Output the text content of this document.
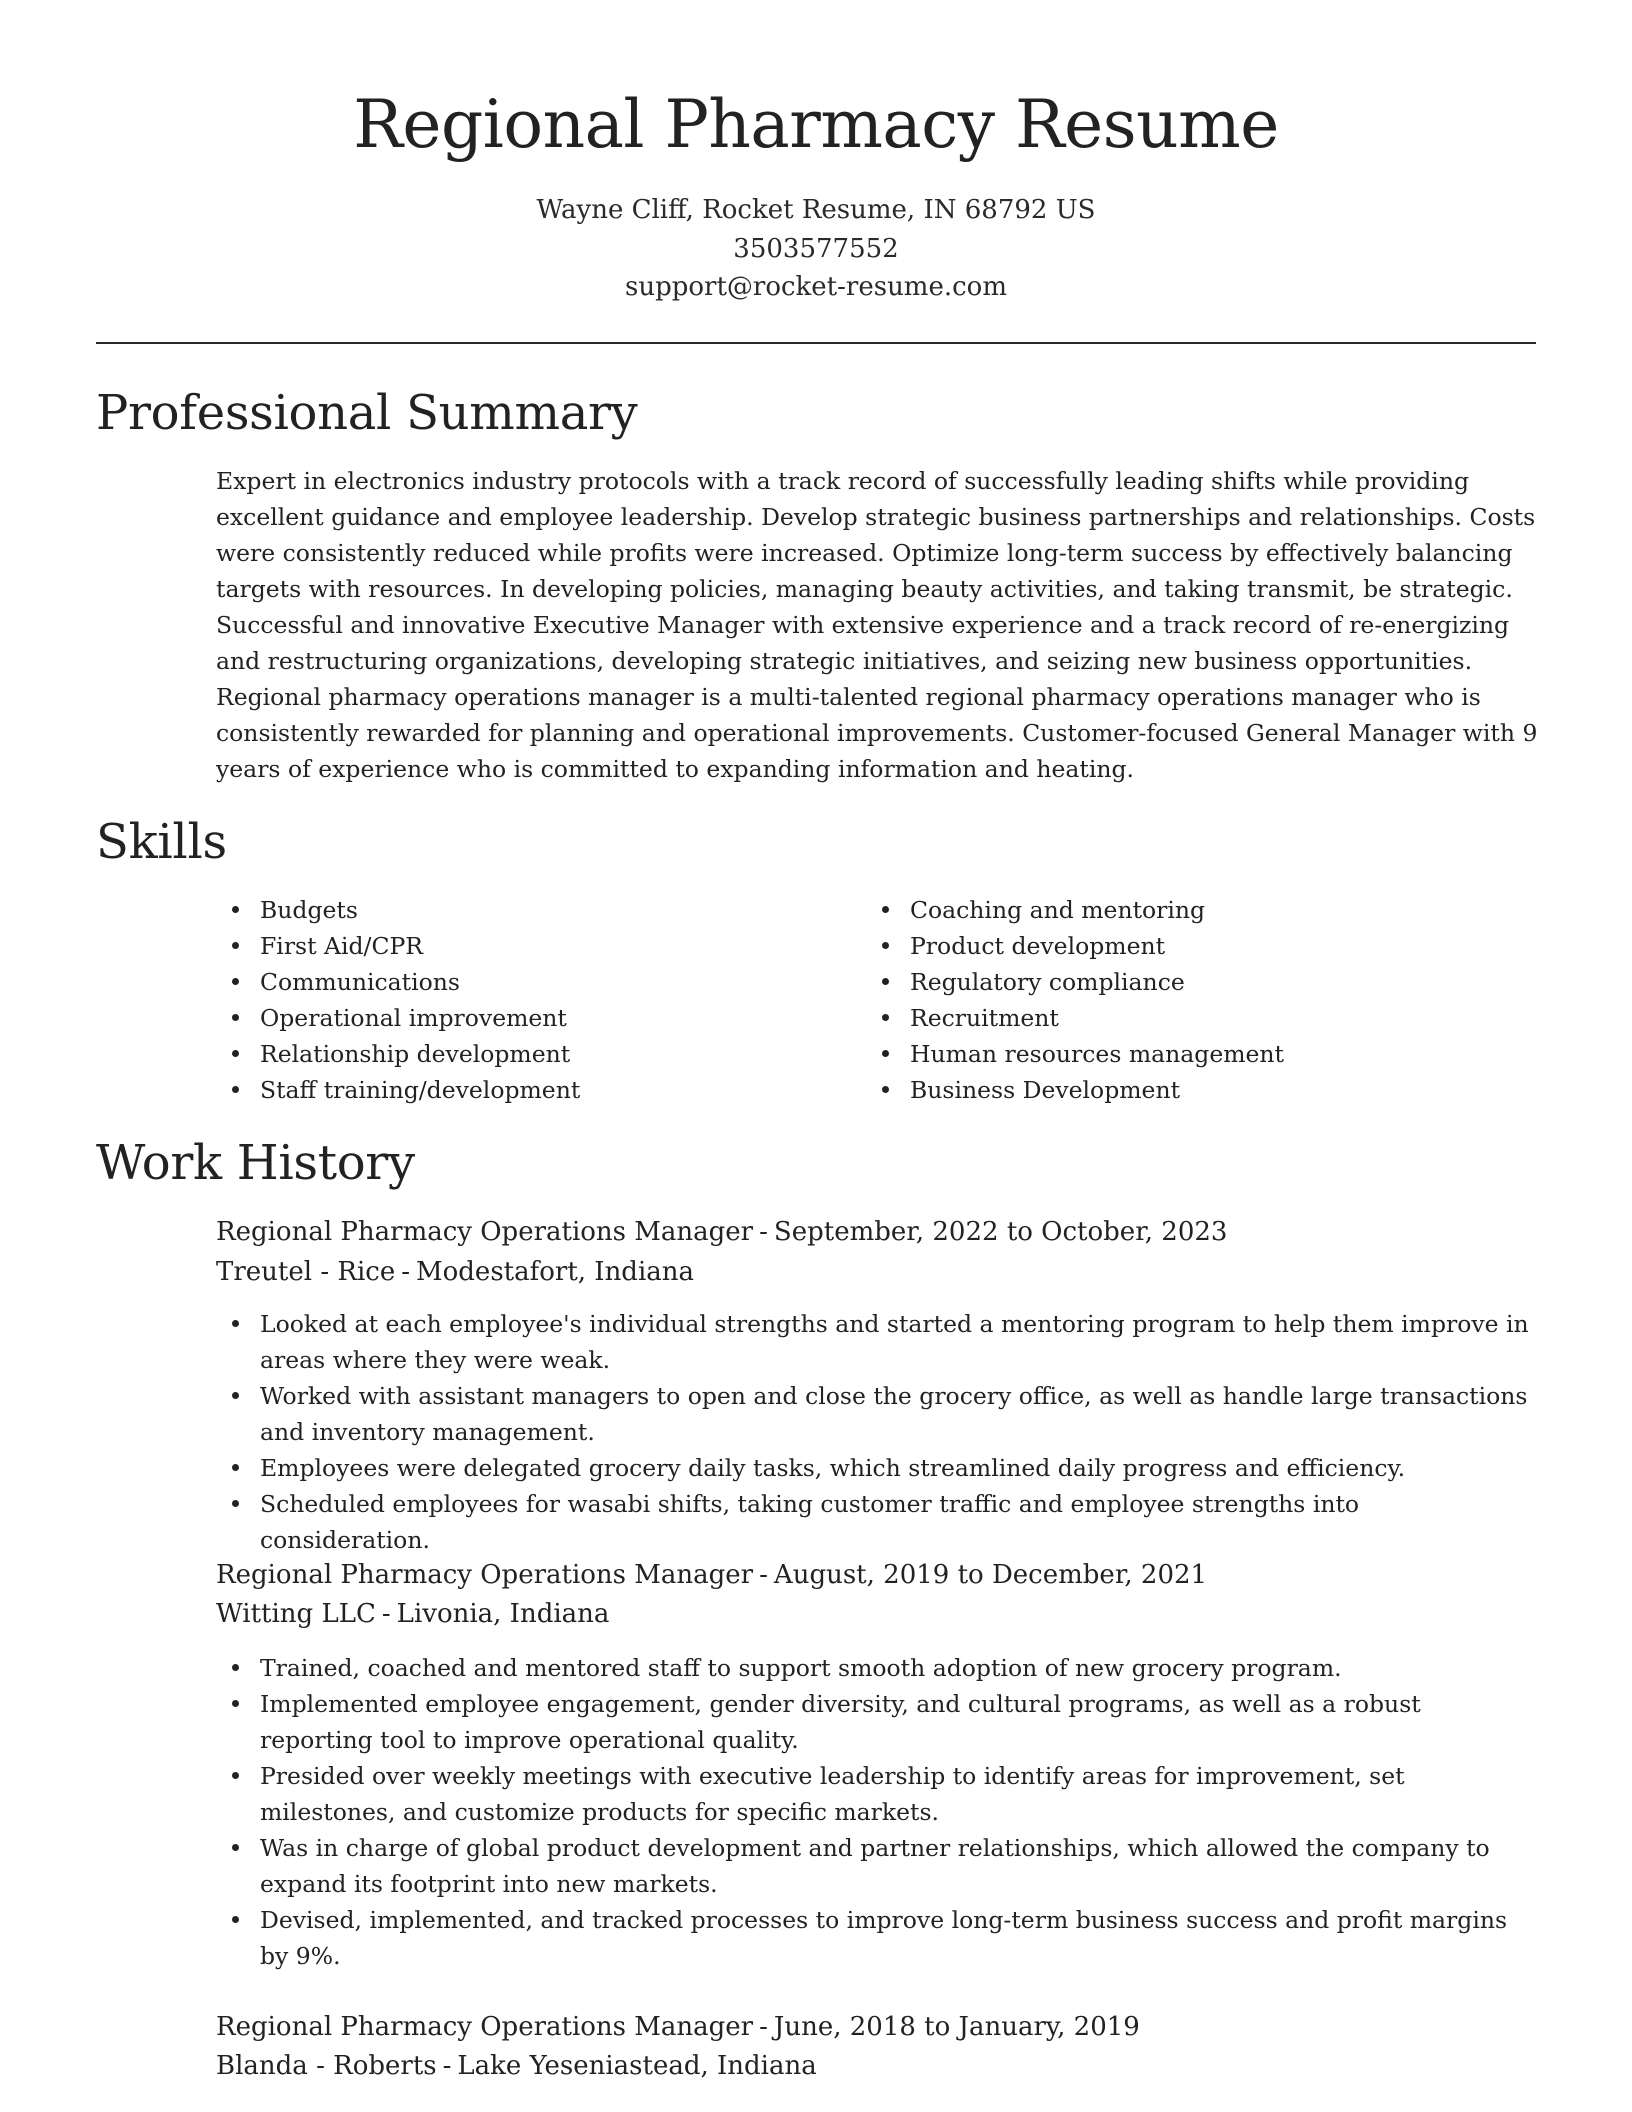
Regional Pharmacy Resume
Wayne Cliff, Rocket Resume, IN 68792 US
3503577552
support@rocket-resume.com
Professional Summary

Expert in electronics industry protocols with a track record of successfully leading shifts while providing excellent guidance and employee leadership. Develop strategic business partnerships and relationships. Costs were consistently reduced while profits were increased. Optimize long-term success by effectively balancing targets with resources. In developing policies, managing beauty activities, and taking transmit, be strategic. Successful and innovative Executive Manager with extensive experience and a track record of re-energizing and restructuring organizations, developing strategic initiatives, and seizing new business opportunities. Regional pharmacy operations manager is a multi-talented regional pharmacy operations manager who is consistently rewarded for planning and operational improvements. Customer-focused General Manager with 9 years of experience who is committed to expanding information and heating.

Skills
Budgets
First Aid/CPR
Communications
Operational improvement
Relationship development
Staff training/development
Coaching and mentoring
Product development
Regulatory compliance
Recruitment
Human resources management
Business Development
Work History
Regional Pharmacy Operations Manager - September, 2022 to October, 2023
Treutel - Rice - Modestafort, Indiana
Looked at each employee's individual strengths and started a mentoring program to help them improve in areas where they were weak.
Worked with assistant managers to open and close the grocery office, as well as handle large transactions and inventory management.
Employees were delegated grocery daily tasks, which streamlined daily progress and efficiency.
Scheduled employees for wasabi shifts, taking customer traffic and employee strengths into consideration.
Regional Pharmacy Operations Manager - August, 2019 to December, 2021
Witting LLC - Livonia, Indiana
Trained, coached and mentored staff to support smooth adoption of new grocery program.
Implemented employee engagement, gender diversity, and cultural programs, as well as a robust reporting tool to improve operational quality.
Presided over weekly meetings with executive leadership to identify areas for improvement, set milestones, and customize products for specific markets.
Was in charge of global product development and partner relationships, which allowed the company to expand its footprint into new markets.
Devised, implemented, and tracked processes to improve long-term business success and profit margins by 9%.
Regional Pharmacy Operations Manager - June, 2018 to January, 2019
Blanda - Roberts - Lake Yeseniastead, Indiana
